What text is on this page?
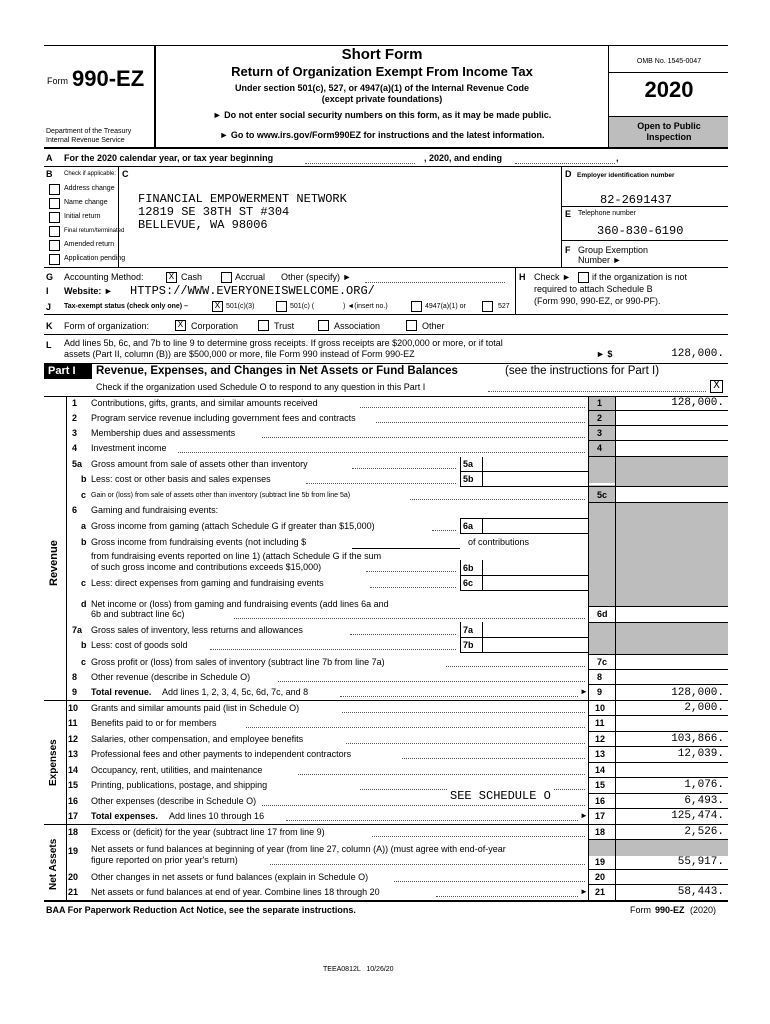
Form 990-EZ
Department of the Treasury
Internal Revenue Service
Short Form
Return of Organization Exempt From Income Tax
Under section 501(c), 527, or 4947(a)(1) of the Internal Revenue Code
(except private foundations)
► Do not enter social security numbers on this form, as it may be made public.
► Go to www.irs.gov/Form990EZ for instructions and the latest information.
OMB No. 1545-0047
2020
Open to Public
Inspection
A For the 2020 calendar year, or tax year beginning	, 2020, and ending	,
B Check if applicable:
Address change
Name change
Initial return
Final return/terminated
Amended return
Application pending
C
FINANCIAL EMPOWERMENT NETWORK
12819 SE 38TH ST #304
BELLEVUE, WA 98006
D Employer identification number
82-2691437
E Telephone number
360-830-6190
F Group Exemption
Number ►
G Accounting Method:	X Cash	Accrual Other (specify) ►	H Check ► if the organization is not
required to attach Schedule B
(Form 990, 990-EZ, or 990-PF).
I Website: ► HTTPS://WWW.EVERYONEISWELCOME.ORG/
J Tax-exempt status (check only one) –	X 501(c)(3)	501(c) (	) ◄(insert no.)	4947(a)(1) or	527
K Form of organization:	X Corporation	Trust	Association	Other
L Add lines 5b, 6c, and 7b to line 9 to determine gross receipts. If gross receipts are $200,000 or more, or if total
assets (Part II, column (B)) are $500,000 or more, file Form 990 instead of Form 990-EZ	► $	128,000.
Part I Revenue, Expenses, and Changes in Net Assets or Fund Balances	(see the instructions for Part I)
Check if the organization used Schedule O to respond to any question in this Part I	X
Revenue
Expenses
Net Assets
1 Contributions, gifts, grants, and similar amounts received	1	128,000.
2 Program service revenue including government fees and contracts	2
3 Membership dues and assessments	3
4 Investment income	4
5a Gross amount from sale of assets other than inventory	5a
b Less: cost or other basis and sales expenses	5b
c Gain or (loss) from sale of assets other than inventory (subtract line 5b from line 5a)	5c
6 Gaming and fundraising events:
a Gross income from gaming (attach Schedule G if greater than $15,000)	6a
b Gross income from fundraising events (not including $	of contributions
from fundraising events reported on line 1) (attach Schedule G if the sum
of such gross income and contributions exceeds $15,000)	6b
c Less: direct expenses from gaming and fundraising events	6c
d Net income or (loss) from gaming and fundraising events (add lines 6a and
6b and subtract line 6c)	6d
7a Gross sales of inventory, less returns and allowances	7a
b Less: cost of goods sold	7b
c Gross profit or (loss) from sales of inventory (subtract line 7b from line 7a)	7c
8 Other revenue (describe in Schedule O)	8
9 Total revenue. Add lines 1, 2, 3, 4, 5c, 6d, 7c, and 8	► 9	128,000.
10 Grants and similar amounts paid (list in Schedule O)	10	2,000.
11 Benefits paid to or for members	11
12 Salaries, other compensation, and employee benefits	12	103,866.
13 Professional fees and other payments to independent contractors	13	12,039.
14 Occupancy, rent, utilities, and maintenance	14
15 Printing, publications, postage, and shipping	15	1,076.
16 Other expenses (describe in Schedule O)	SEE SCHEDULE O	16	6,493.
17 Total expenses. Add lines 10 through 16	► 17	125,474.
18 Excess or (deficit) for the year (subtract line 17 from line 9)	18	2,526.
19 Net assets or fund balances at beginning of year (from line 27, column (A)) (must agree with end-of-year
figure reported on prior year's return)	19	55,917.
20 Other changes in net assets or fund balances (explain in Schedule O)	20
21 Net assets or fund balances at end of year. Combine lines 18 through 20	► 21	58,443.
BAA For Paperwork Reduction Act Notice, see the separate instructions.	Form 990-EZ (2020)
TEEA0812L   10/26/20
